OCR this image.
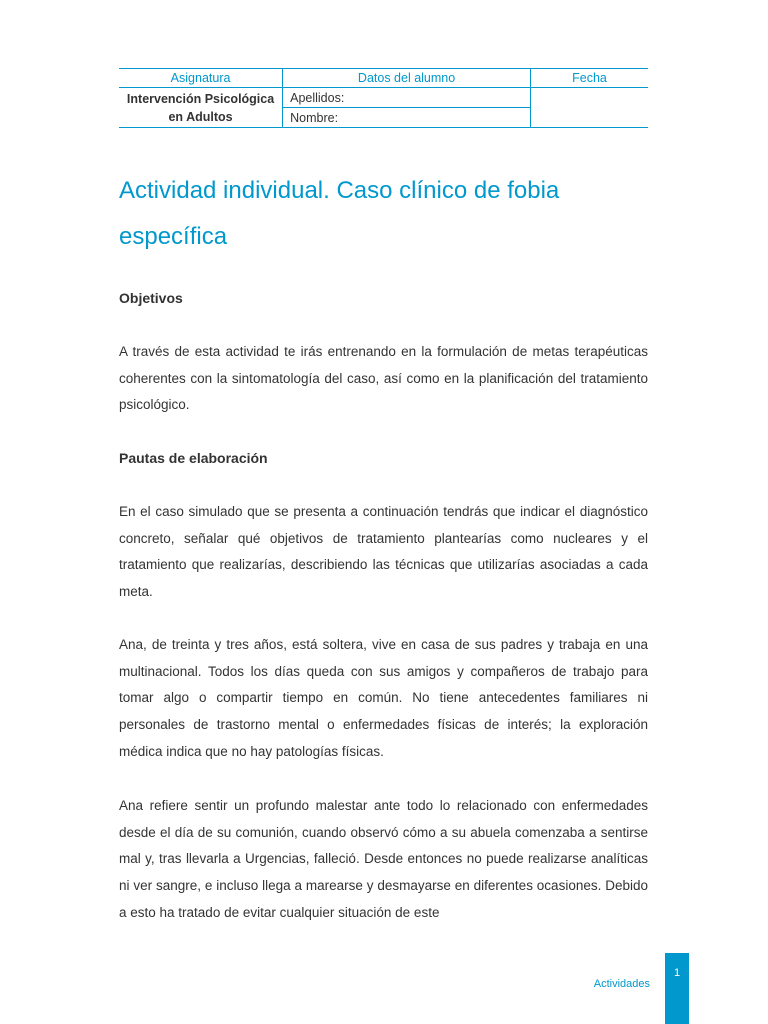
Asignatura	Datos del alumno	Fecha

Intervención Psicológica
en Adultos	Apellidos:	
	Nombre:	
Actividad individual. Caso clínico de fobia específica
Objetivos

A través de esta actividad te irás entrenando en la formulación de metas terapéuticas coherentes con la sintomatología del caso, así como en la planificación del tratamiento psicológico.

Pautas de elaboración

En el caso simulado que se presenta a continuación tendrás que indicar el diagnóstico concreto, señalar qué objetivos de tratamiento plantearías como nucleares y el tratamiento que realizarías, describiendo las técnicas que utilizarías asociadas a cada meta.

Ana, de treinta y tres años, está soltera, vive en casa de sus padres y trabaja en una multinacional. Todos los días queda con sus amigos y compañeros de trabajo para tomar algo o compartir tiempo en común. No tiene antecedentes familiares ni personales de trastorno mental o enfermedades físicas de interés; la exploración médica indica que no hay patologías físicas.

Ana refiere sentir un profundo malestar ante todo lo relacionado con enfermedades desde el día de su comunión, cuando observó cómo a su abuela comenzaba a sentirse mal y, tras llevarla a Urgencias, falleció. Desde entonces no puede realizarse analíticas ni ver sangre, e incluso llega a marearse y desmayarse en diferentes ocasiones. Debido a esto ha tratado de evitar cualquier situación de este

Actividades
1
